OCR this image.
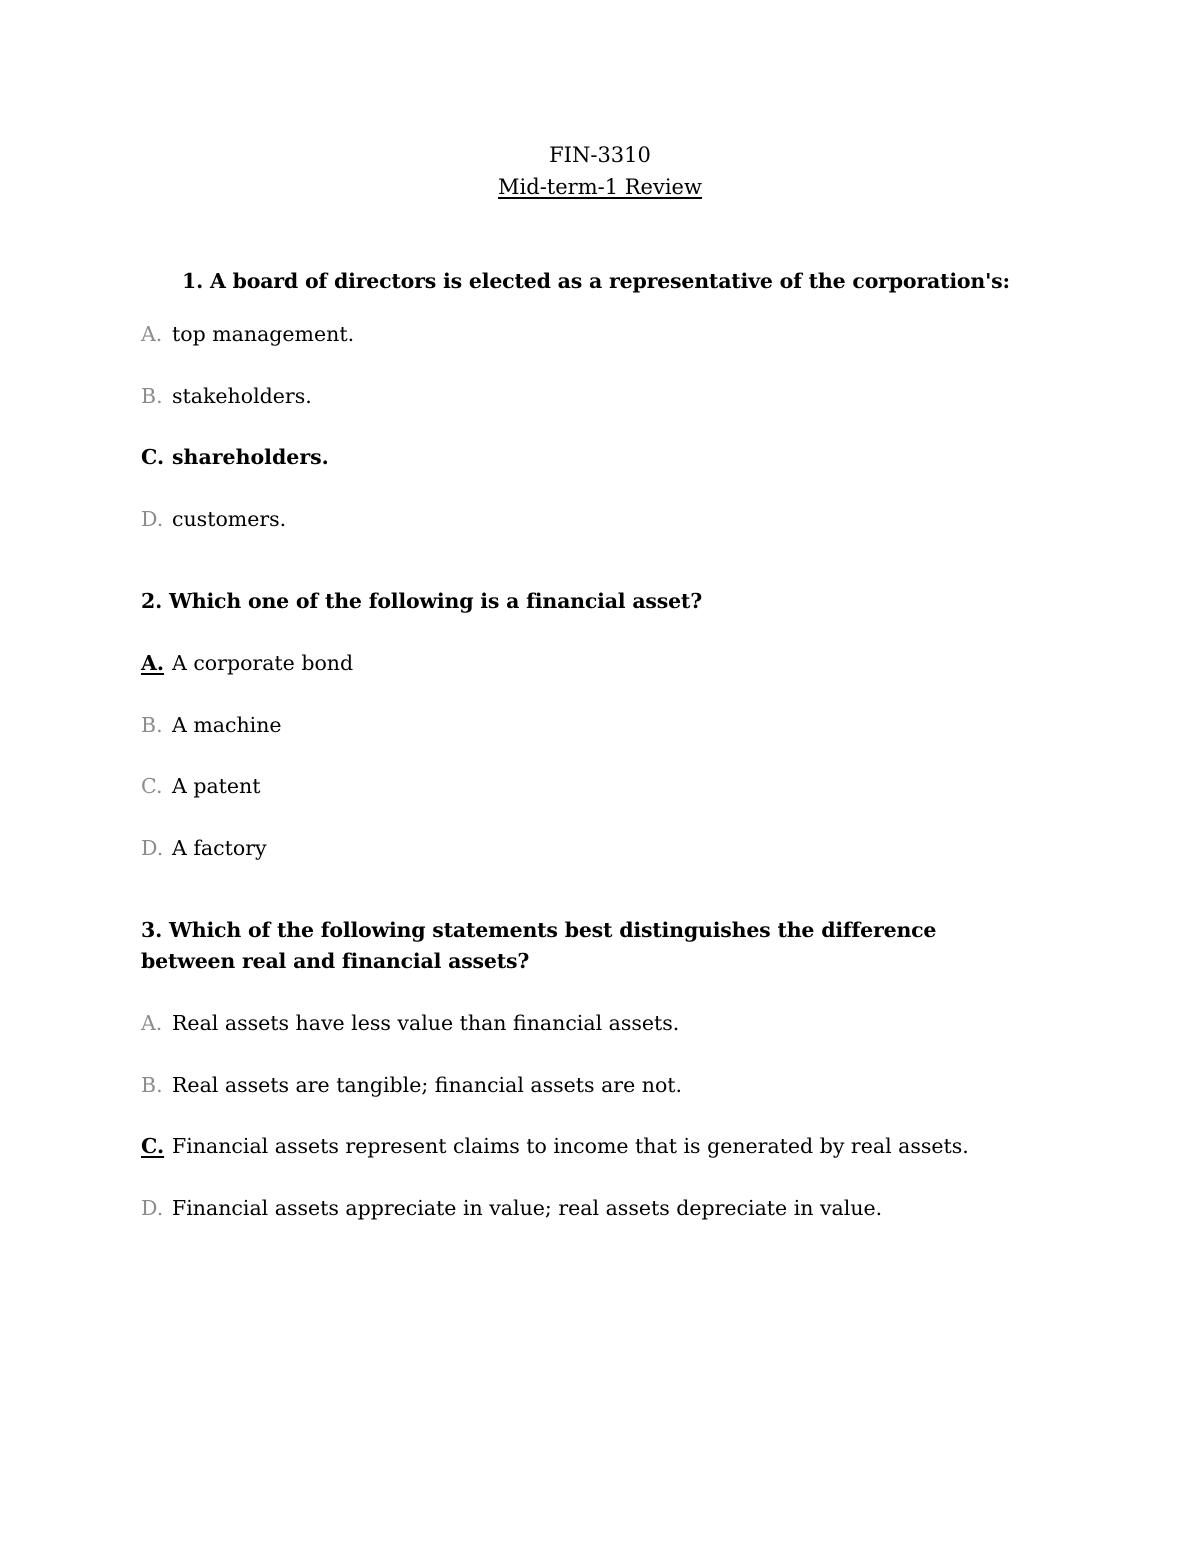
FIN-3310
Mid-term-1 Review
1. A board of directors is elected as a representative of the corporation's:
A. top management.
B. stakeholders.
C. shareholders.
D. customers.
2. Which one of the following is a financial asset?
A. A corporate bond
B. A machine
C. A patent
D. A factory
3. Which of the following statements best distinguishes the difference between real and financial assets?
A. Real assets have less value than financial assets.
B. Real assets are tangible; financial assets are not.
C. Financial assets represent claims to income that is generated by real assets.
D. Financial assets appreciate in value; real assets depreciate in value.
